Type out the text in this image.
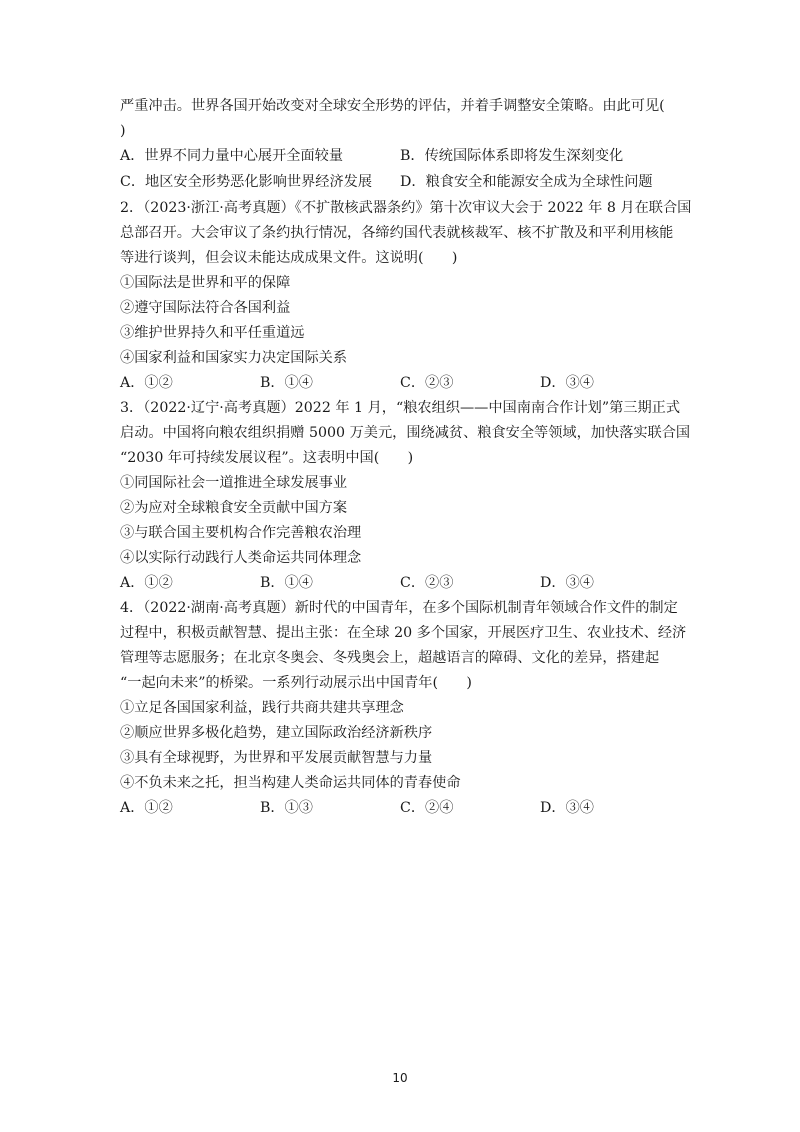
严重冲击。世界各国开始改变对全球安全形势的评估，并着手调整安全策略。由此可见(
)
A．世界不同力量中心展开全面较量	B．传统国际体系即将发生深刻变化
C．地区安全形势恶化影响世界经济发展 D．粮食安全和能源安全成为全球性问题
2．（2023·浙江·高考真题）《不扩散核武器条约》第十次审议大会于 2022 年 8 月在联合国
总部召开。大会审议了条约执行情况，各缔约国代表就核裁军、核不扩散及和平利用核能
等进行谈判，但会议未能达成成果文件。这说明(　　)
①国际法是世界和平的保障
②遵守国际法符合各国利益
③维护世界持久和平任重道远
④国家利益和国家实力决定国际关系
A．①②	B．①④	C．②③	D．③④
3．（2022·辽宁·高考真题）2022 年 1 月，“粮农组织——中国南南合作计划”第三期正式
启动。中国将向粮农组织捐赠 5000 万美元，围绕减贫、粮食安全等领域，加快落实联合国
“2030 年可持续发展议程”。这表明中国(　　)
①同国际社会一道推进全球发展事业
②为应对全球粮食安全贡献中国方案
③与联合国主要机构合作完善粮农治理
④以实际行动践行人类命运共同体理念
A．①②	B．①④	C．②③	D．③④
4．（2022·湖南·高考真题）新时代的中国青年，在多个国际机制青年领域合作文件的制定
过程中，积极贡献智慧、提出主张：在全球 20 多个国家，开展医疗卫生、农业技术、经济
管理等志愿服务；在北京冬奥会、冬残奥会上，超越语言的障碍、文化的差异，搭建起
“一起向未来”的桥梁。一系列行动展示出中国青年(　　)
①立足各国国家利益，践行共商共建共享理念
②顺应世界多极化趋势，建立国际政治经济新秩序
③具有全球视野，为世界和平发展贡献智慧与力量
④不负未来之托，担当构建人类命运共同体的青春使命
A．①②	B．①③	C．②④	D．③④
10
